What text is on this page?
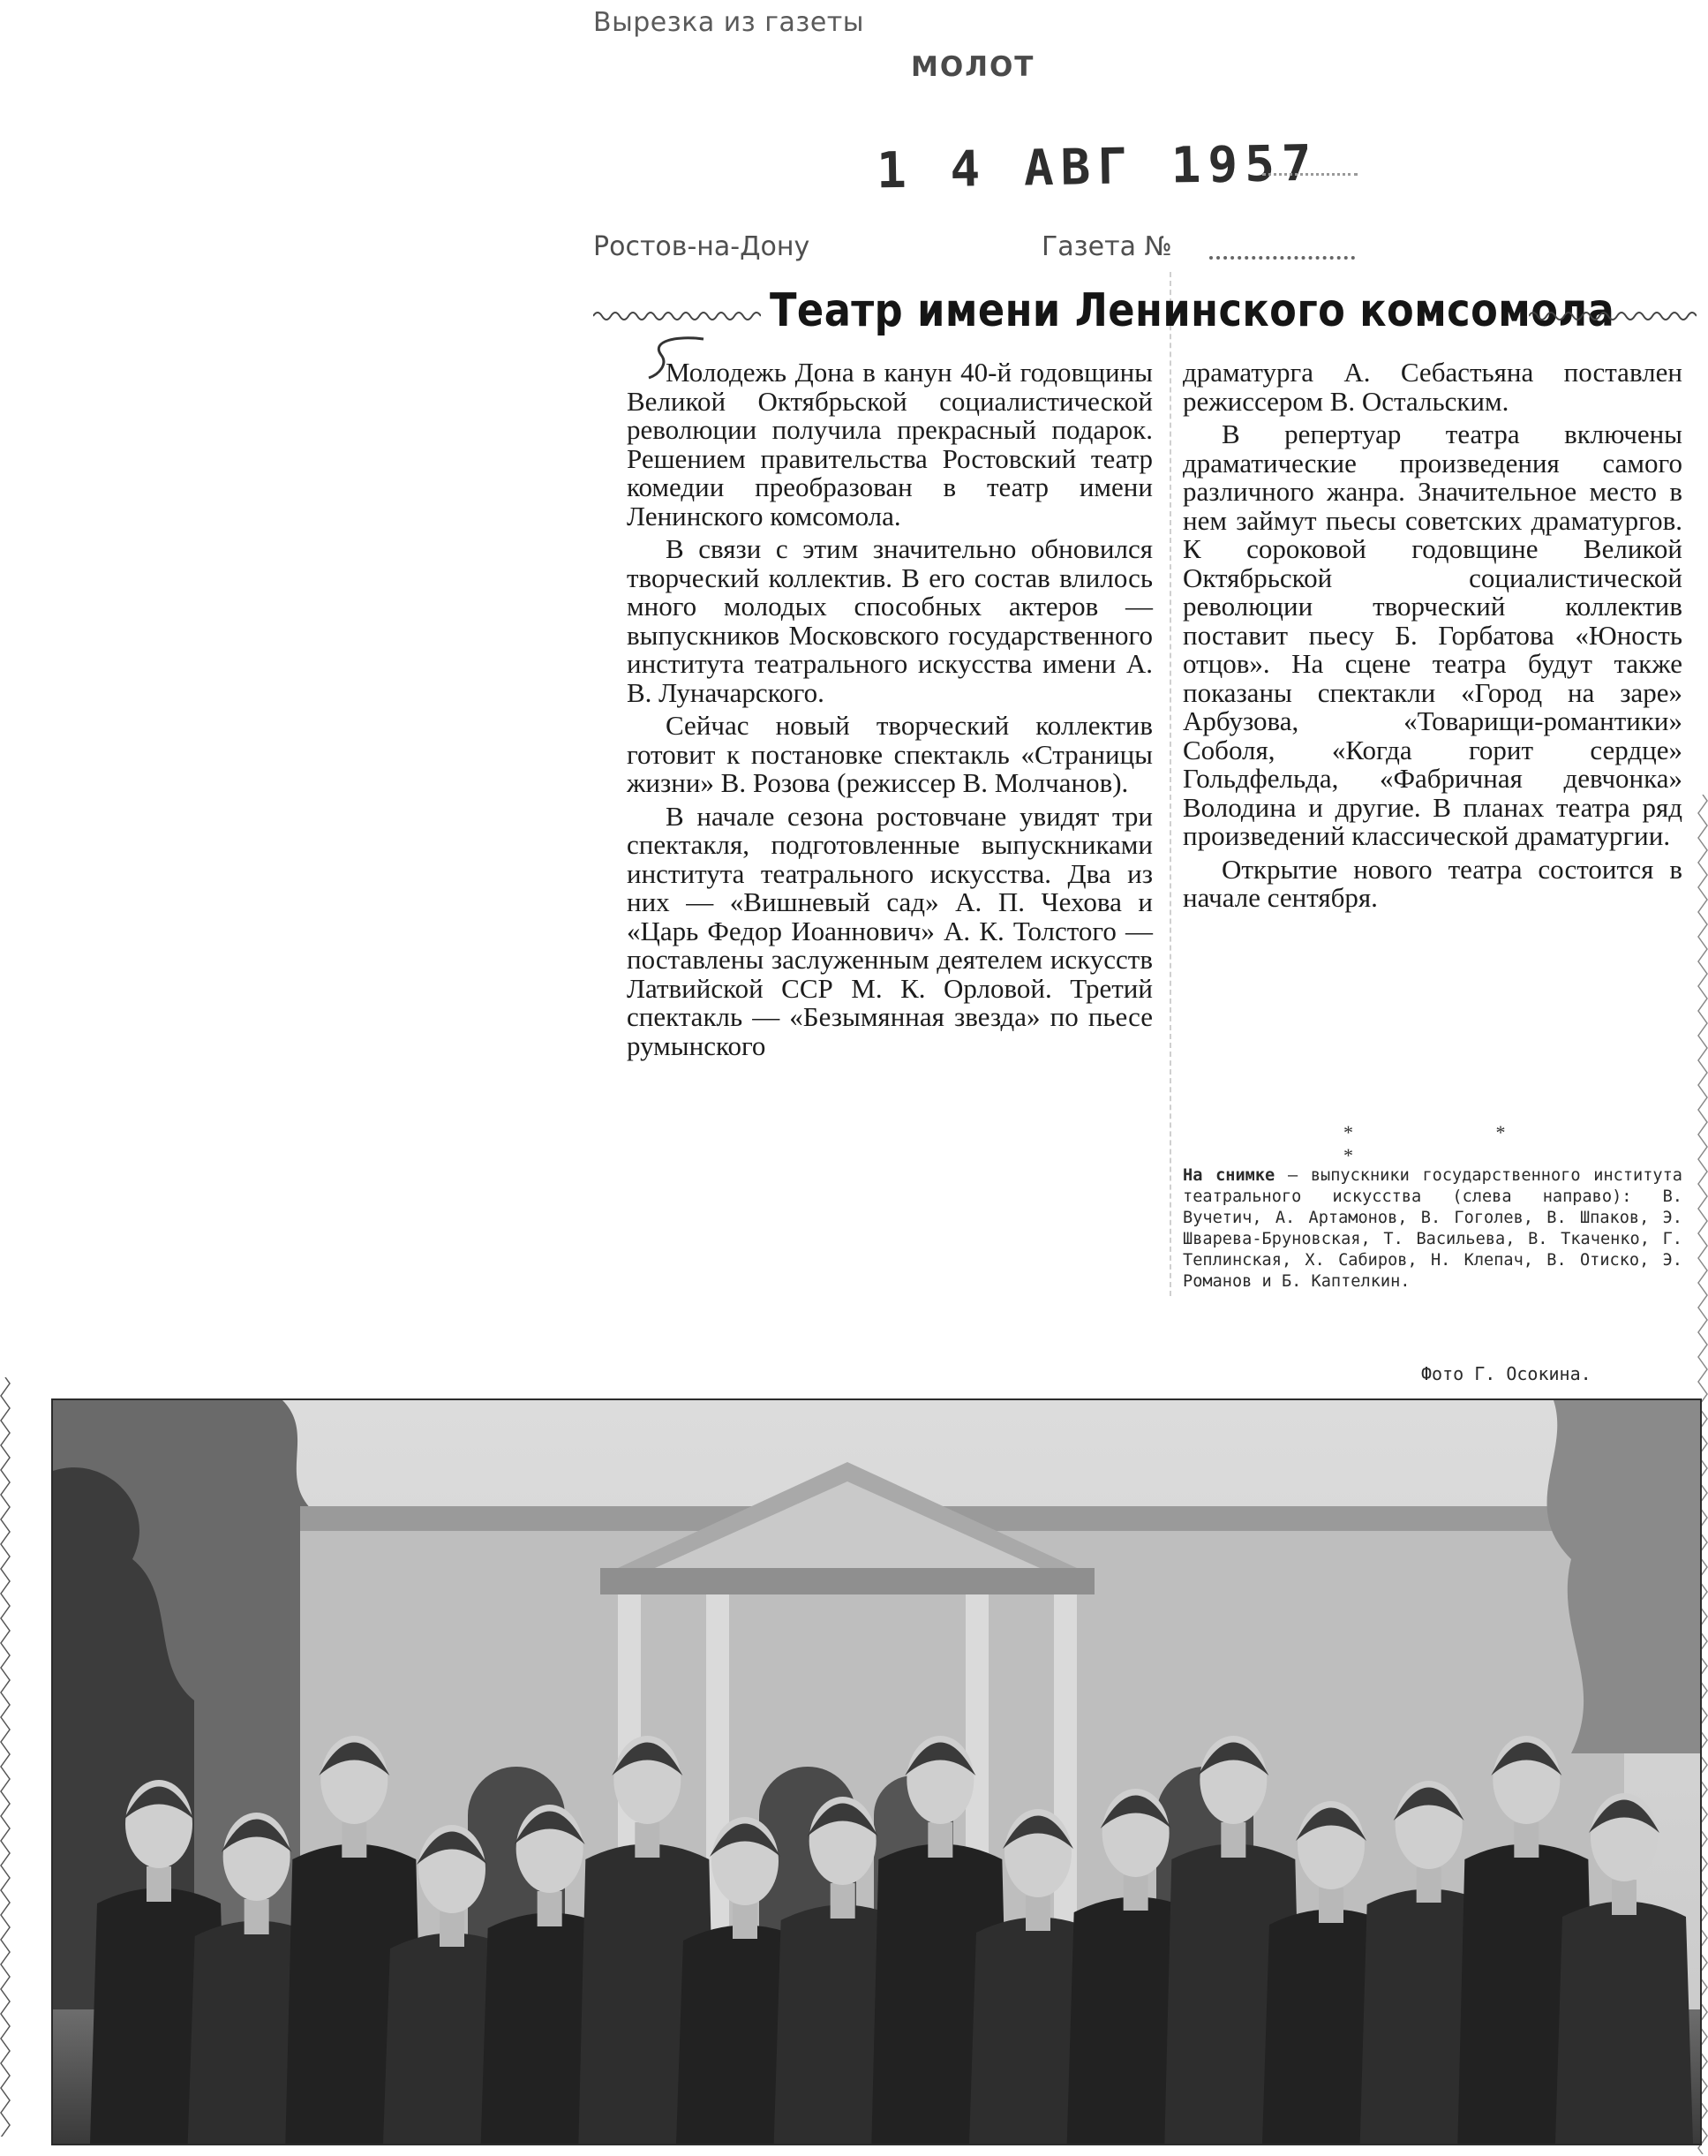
Вырезка из газеты
МОЛОТ
1 4 АВГ 1957
Ростов-на-Дону	Газета №
Театр имени Ленинского комсомола

Молодежь Дона в канун 40-й годовщины Великой Октябрьской социалистической революции получила прекрасный подарок. Решением правительства Ростовский театр комедии преобразован в театр имени Ленинского комсомола.

В связи с этим значительно обновился творческий коллектив. В его состав влилось много молодых способных актеров — выпускников Московского государственного института театрального искусства имени А. В. Луначарского.

Сейчас новый творческий коллектив готовит к постановке спектакль «Страницы жизни» В. Розова (режиссер В. Молчанов).

В начале сезона ростовчане увидят три спектакля, подготовленные выпускниками института театрального искусства. Два из них — «Вишневый сад» А. П. Чехова и «Царь Федор Иоаннович» А. К. Толстого — поставлены заслуженным деятелем искусств Латвийской ССР М. К. Орловой. Третий спектакль — «Безымянная звезда» по пьесе румынского

драматурга А. Себастьяна поставлен режиссером В. Остальским.

В репертуар театра включены драматические произведения самого различного жанра. Значительное место в нем займут пьесы советских драматургов. К сороковой годовщине Великой Октябрьской социалистической революции творческий коллектив поставит пьесу Б. Горбатова «Юность отцов». На сцене театра будут также показаны спектакли «Город на заре» Арбузова, «Товарищи-романтики» Соболя, «Когда горит сердце» Гольдфельда, «Фабричная девчонка» Володина и другие. В планах театра ряд произведений классической драматургии.

Открытие нового театра состоится в начале сентября.

* * *
На снимке — выпускники государственного института театрального искусства (слева направо): В. Вучетич, А. Артамонов, В. Гоголев, В. Шпаков, Э. Шварева-Бруновская, Т. Васильева, В. Ткаченко, Г. Теплинская, Х. Сабиров, Н. Клепач, В. Отиско, Э. Романов и Б. Каптелкин.
Фото Г. Осокина.
